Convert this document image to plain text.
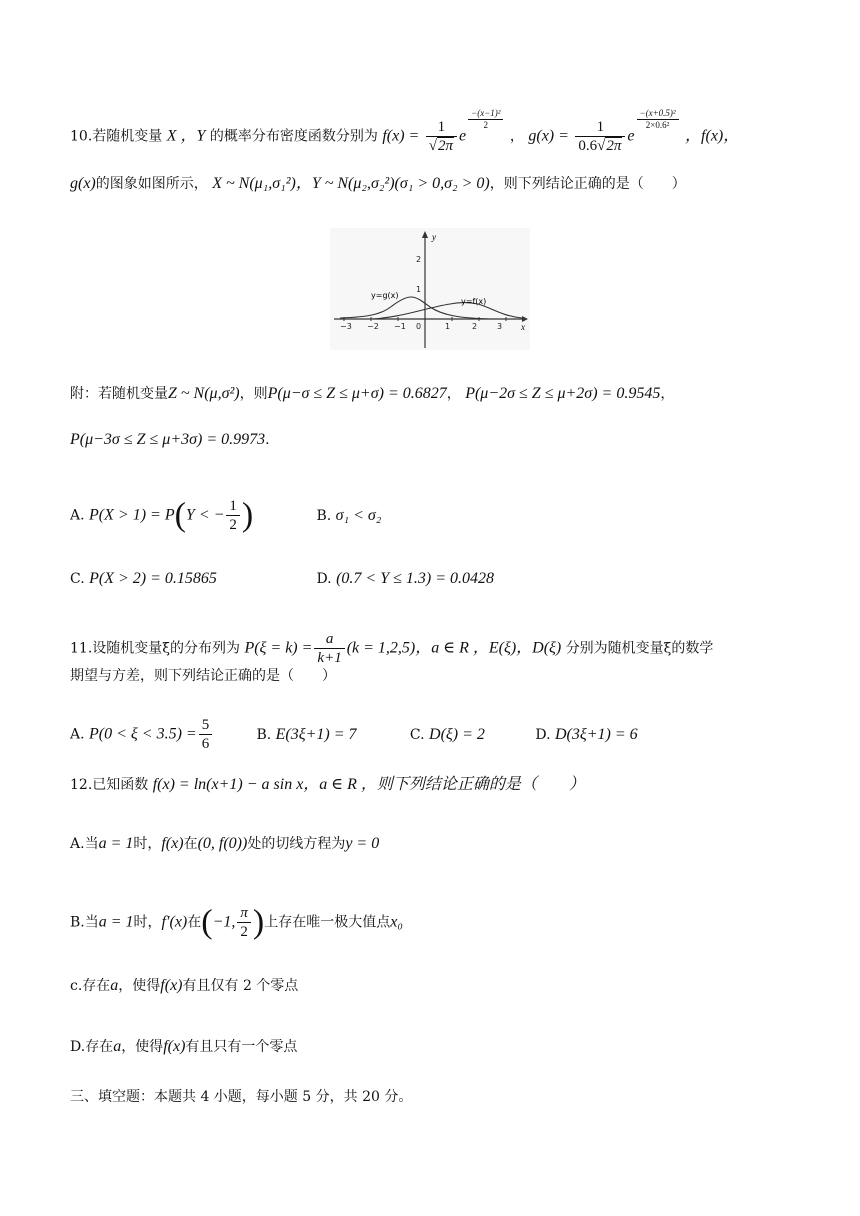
10.若随机变量 X ，Y 的概率分布密度函数分别为 $f(x) = \frac{1}{√2\pi}$ e
$^{\frac{\text{−(x−1)²}}{2}}$
， $g(x) = \frac{1}{0.6√2\pi}$ e
$^{\frac{\text{−(x+0.5)²}}{\text{2×0.6²}}}$
，f(x)，
g(x)的图象如图所示， X ~ N(μ₁,σ₁²)，Y ~ N(μ₂,σ₂²)(σ₁ > 0,σ₂ > 0)，则下列结论正确的是（　　）
y
x
−3 −2 −1 0	1	2 3
1
2
y=g(x)
y=f(x)
附：若随机变量Z ~ N(μ,σ²)，则P(μ−σ ≤ Z ≤ μ+σ) = 0.6827， P(μ−2σ ≤ Z ≤ μ+2σ) = 0.9545，
P(μ−3σ ≤ Z ≤ μ+3σ) = 0.9973.
A. P(X > 1) = P(Y < − $\frac{1}{2}$ )	B. σ₁ < σ₂
C. P(X > 2) = 0.15865	D. (0.7 < Y ≤ 1.3) = 0.0428
11.设随机变量ξ的分布列为 $P(\xi = k) = \frac{a}{k+1} (k = 1,2,5)$，a ∈ R ，E(ξ)，D(ξ) 分别为随机变量ξ的数学
期望与方差，则下列结论正确的是（　　）
A. $P(0 < \xi < 3.5) = \frac{5}{6}$	B. E(3ξ+1) = 7	C. D(ξ) = 2	D. D(3ξ+1) = 6
12.已知函数 f(x) = ln(x+1) − a sin x，a ∈ R ，则下列结论正确的是（　　）
A.当a = 1时，f(x)在(0, f(0))处的切线方程为y = 0
B.当a = 1时，f′(x)在(−1, $\frac{\pi}{2}$ )上存在唯一极大值点x₀
c.存在a，使得f(x)有且仅有 2 个零点
D.存在a，使得f(x)有且只有一个零点
三、填空题：本题共 4 小题，每小题 5 分，共 20 分。
